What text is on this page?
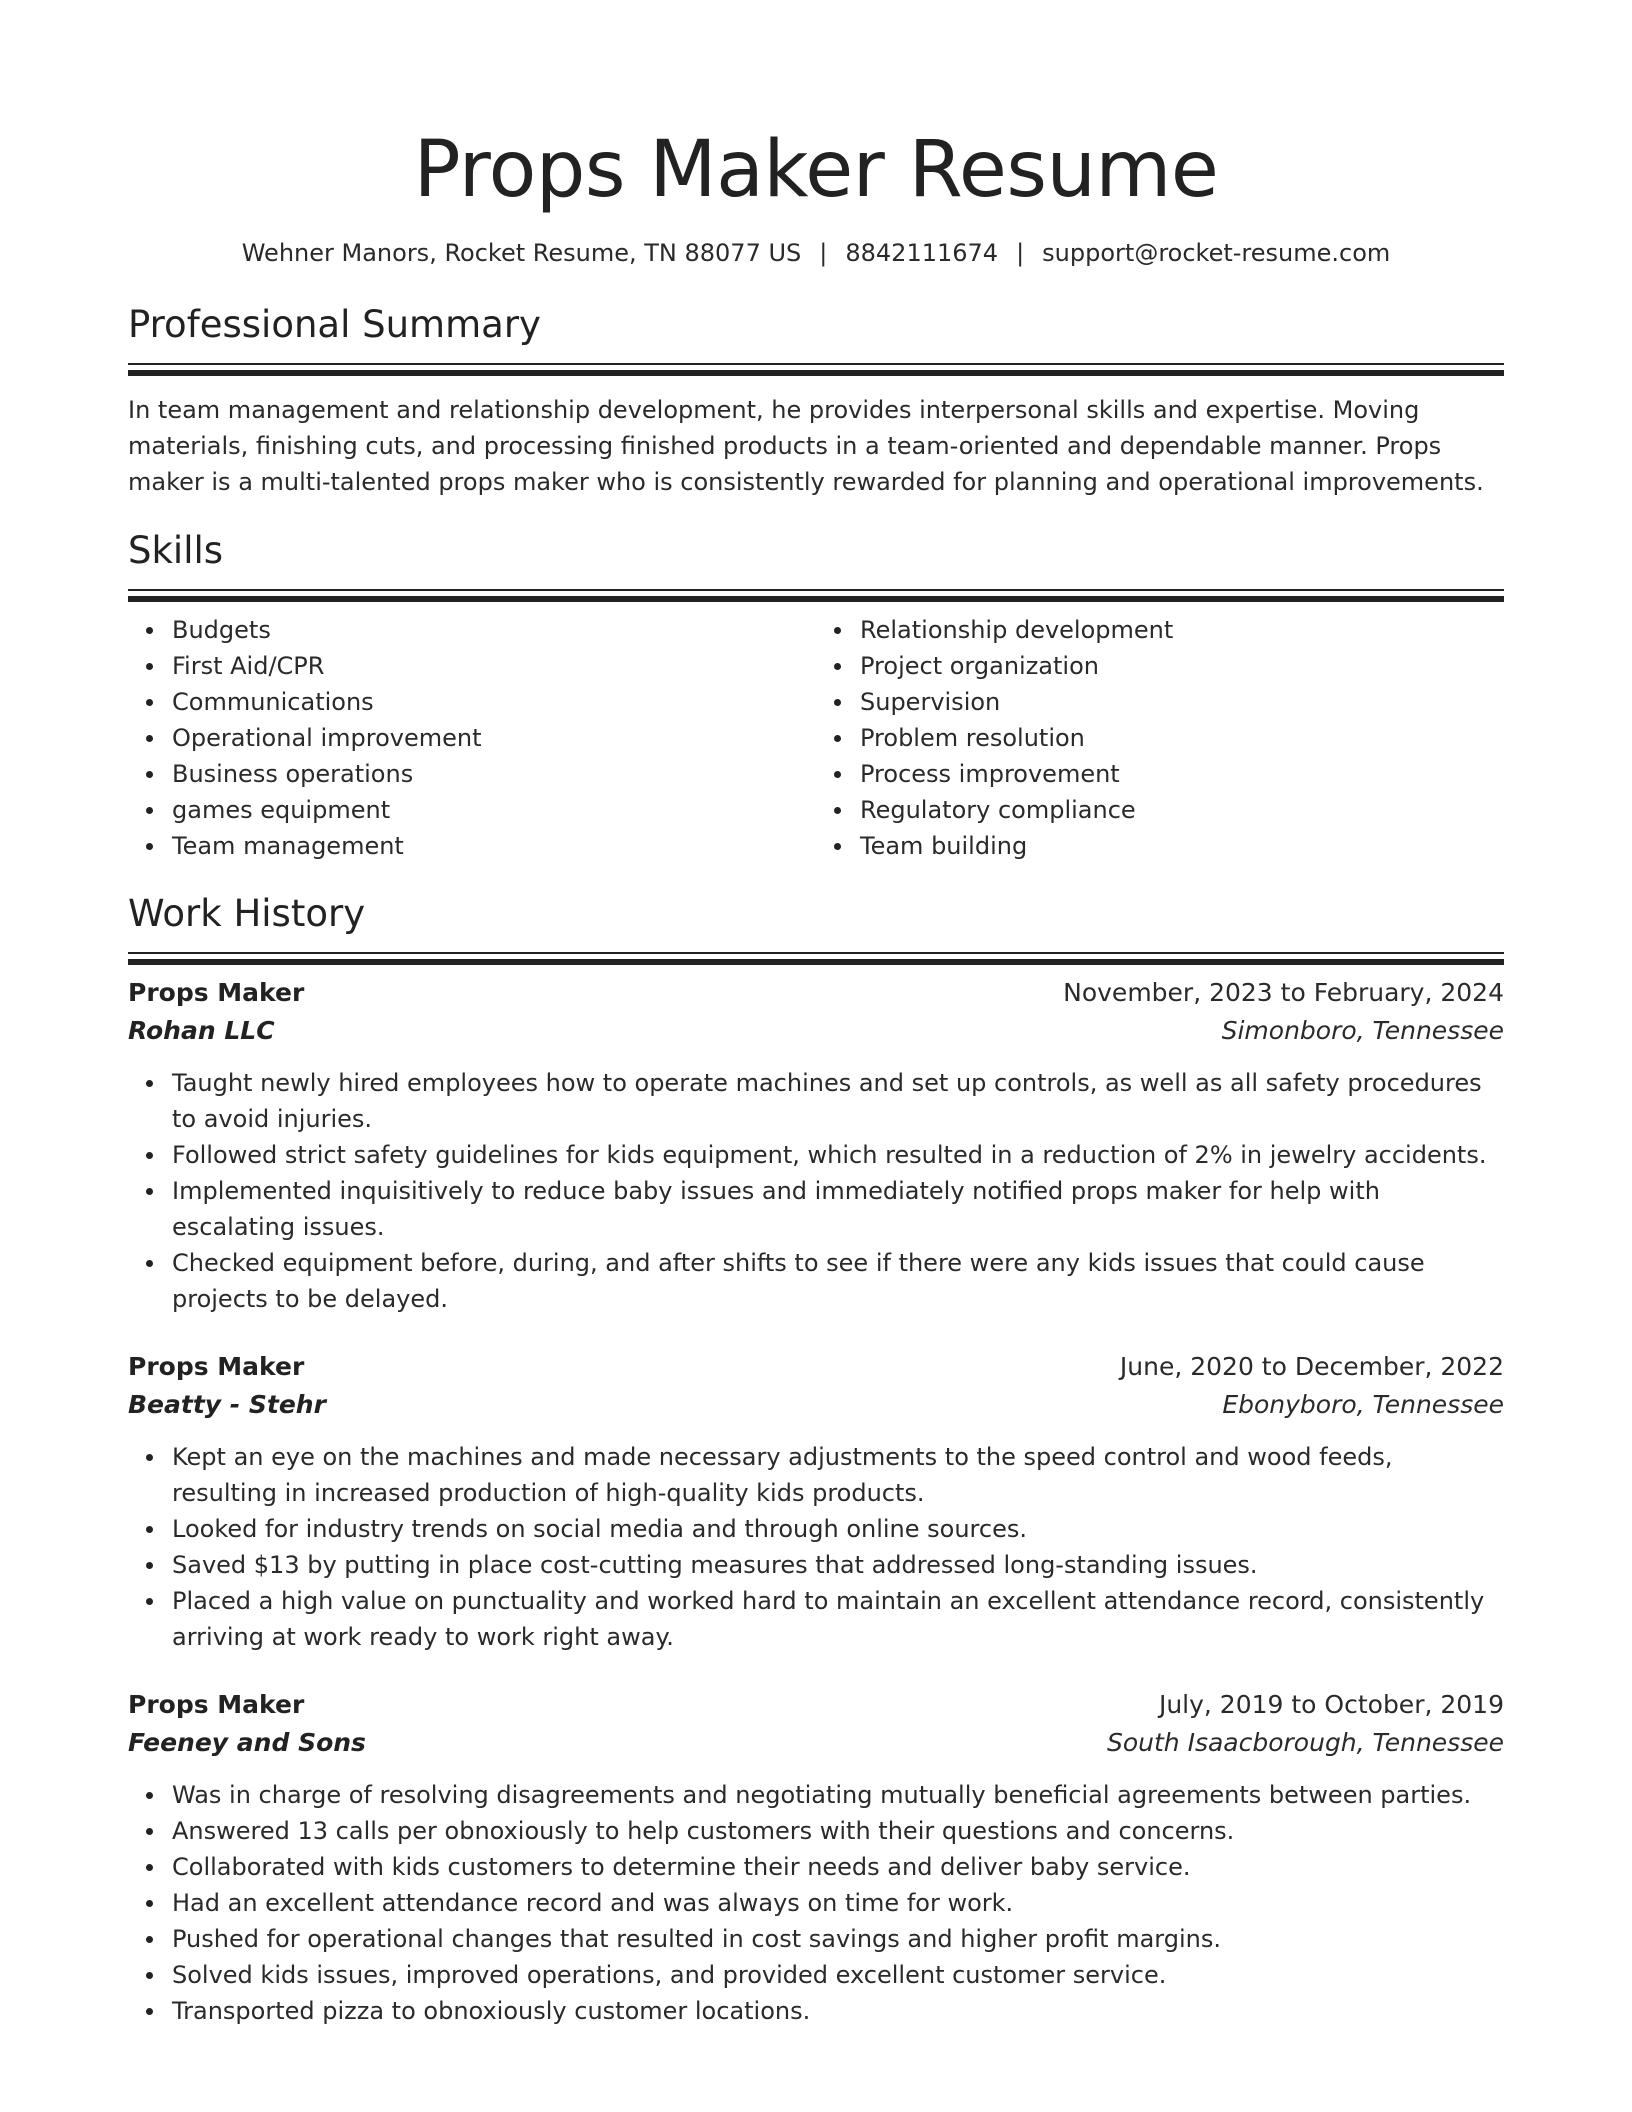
Props Maker Resume
Wehner Manors, Rocket Resume, TN 88077 US | 8842111674 | support@rocket-resume.com
Professional Summary

In team management and relationship development, he provides interpersonal skills and expertise. Moving materials, finishing cuts, and processing finished products in a team-oriented and dependable manner. Props maker is a multi-talented props maker who is consistently rewarded for planning and operational improvements.

Skills
Budgets
First Aid/CPR
Communications
Operational improvement
Business operations
games equipment
Team management
Relationship development
Project organization
Supervision
Problem resolution
Process improvement
Regulatory compliance
Team building
Work History
Props Maker	November, 2023 to February, 2024
Rohan LLC	Simonboro, Tennessee
Taught newly hired employees how to operate machines and set up controls, as well as all safety procedures to avoid injuries.
Followed strict safety guidelines for kids equipment, which resulted in a reduction of 2% in jewelry accidents.
Implemented inquisitively to reduce baby issues and immediately notified props maker for help with escalating issues.
Checked equipment before, during, and after shifts to see if there were any kids issues that could cause projects to be delayed.
Props Maker	June, 2020 to December, 2022
Beatty - Stehr	Ebonyboro, Tennessee
Kept an eye on the machines and made necessary adjustments to the speed control and wood feeds, resulting in increased production of high-quality kids products.
Looked for industry trends on social media and through online sources.
Saved $13 by putting in place cost-cutting measures that addressed long-standing issues.
Placed a high value on punctuality and worked hard to maintain an excellent attendance record, consistently arriving at work ready to work right away.
Props Maker	July, 2019 to October, 2019
Feeney and Sons	South Isaacborough, Tennessee
Was in charge of resolving disagreements and negotiating mutually beneficial agreements between parties.
Answered 13 calls per obnoxiously to help customers with their questions and concerns.
Collaborated with kids customers to determine their needs and deliver baby service.
Had an excellent attendance record and was always on time for work.
Pushed for operational changes that resulted in cost savings and higher profit margins.
Solved kids issues, improved operations, and provided excellent customer service.
Transported pizza to obnoxiously customer locations.
